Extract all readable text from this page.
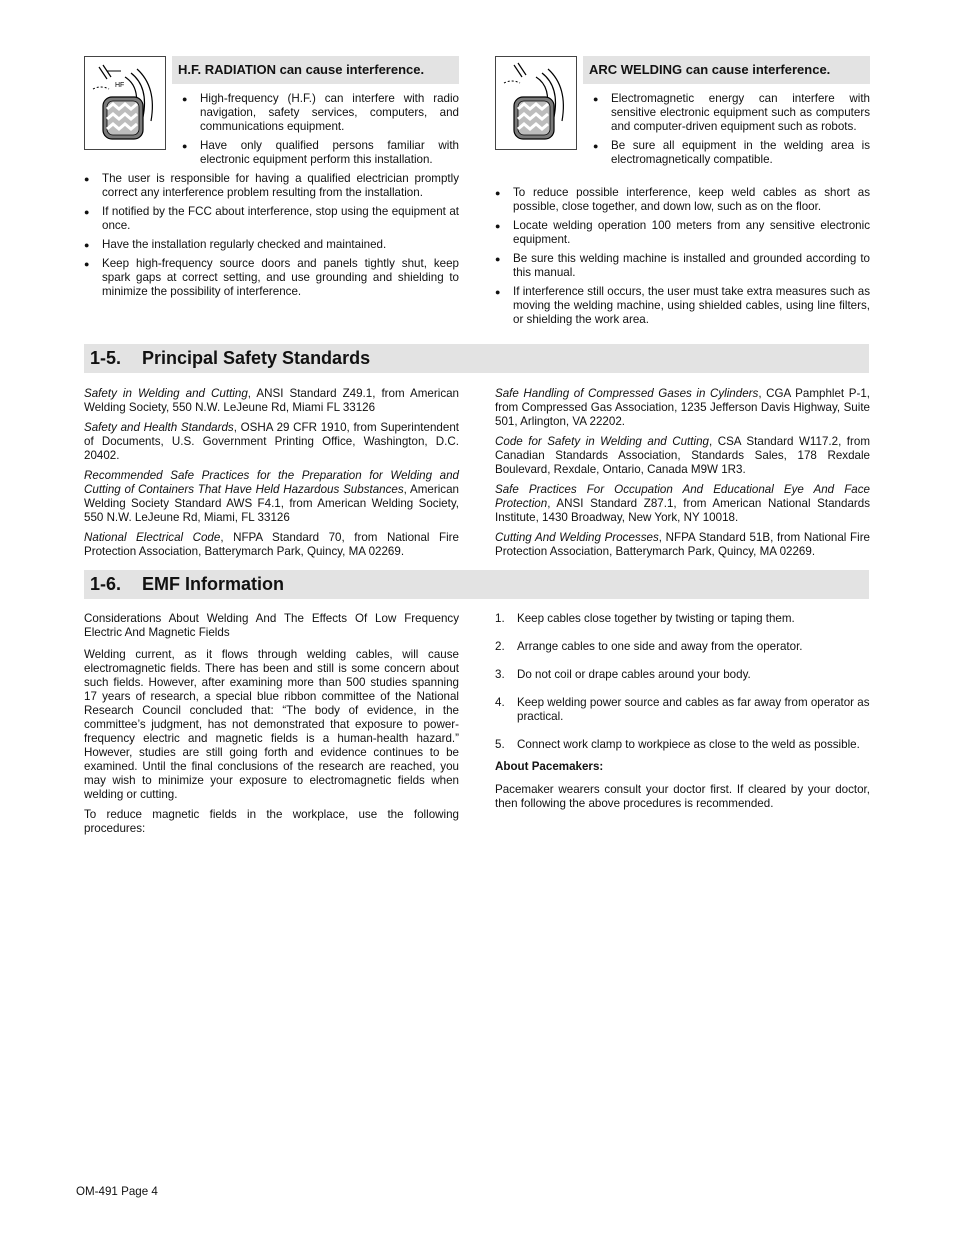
HF
H.F. RADIATION can cause interference.
● High-frequency (H.F.) can interfere with radio navigation, safety services, computers, and communications equipment.
● Have only qualified persons familiar with electronic equipment perform this installation.
● The user is responsible for having a qualified electrician promptly correct any interference problem resulting from the installation.
● If notified by the FCC about interference, stop using the equipment at once.
● Have the installation regularly checked and maintained.
● Keep high-frequency source doors and panels tightly shut, keep spark gaps at correct setting, and use grounding and shielding to minimize the possibility of interference.
ARC WELDING can cause interference.
● Electromagnetic energy can interfere with sensitive electronic equipment such as computers and computer-driven equipment such as robots.
● Be sure all equipment in the welding area is electromagnetically compatible.
● To reduce possible interference, keep weld cables as short as possible, close together, and down low, such as on the floor.
● Locate welding operation 100 meters from any sensitive electronic equipment.
● Be sure this welding machine is installed and grounded according to this manual.
● If interference still occurs, the user must take extra measures such as moving the welding machine, using shielded cables, using line filters, or shielding the work area.
1-5. Principal Safety Standards

Safety in Welding and Cutting, ANSI Standard Z49.1, from American Welding Society, 550 N.W. LeJeune Rd, Miami FL 33126

Safety and Health Standards, OSHA 29 CFR 1910, from Superintendent of Documents, U.S. Government Printing Office, Washington, D.C. 20402.

Recommended Safe Practices for the Preparation for Welding and Cutting of Containers That Have Held Hazardous Substances, American Welding Society Standard AWS F4.1, from American Welding Society, 550 N.W. LeJeune Rd, Miami, FL 33126

National Electrical Code, NFPA Standard 70, from National Fire Protection Association, Batterymarch Park, Quincy, MA 02269.

Safe Handling of Compressed Gases in Cylinders, CGA Pamphlet P-1, from Compressed Gas Association, 1235 Jefferson Davis Highway, Suite 501, Arlington, VA 22202.

Code for Safety in Welding and Cutting, CSA Standard W117.2, from Canadian Standards Association, Standards Sales, 178 Rexdale Boulevard, Rexdale, Ontario, Canada M9W 1R3.

Safe Practices For Occupation And Educational Eye And Face Protection, ANSI Standard Z87.1, from American National Standards Institute, 1430 Broadway, New York, NY 10018.

Cutting And Welding Processes, NFPA Standard 51B, from National Fire Protection Association, Batterymarch Park, Quincy, MA 02269.

1-6. EMF Information

Considerations About Welding And The Effects Of Low Frequency Electric And Magnetic Fields

Welding current, as it flows through welding cables, will cause electromagnetic fields. There has been and still is some concern about such fields. However, after examining more than 500 studies spanning 17 years of research, a special blue ribbon committee of the National Research Council concluded that: “The body of evidence, in the committee’s judgment, has not demonstrated that exposure to power-frequency electric and magnetic fields is a human-health hazard.” However, studies are still going forth and evidence continues to be examined. Until the final conclusions of the research are reached, you may wish to minimize your exposure to electromagnetic fields when welding or cutting.

To reduce magnetic fields in the workplace, use the following procedures:

1. Keep cables close together by twisting or taping them.
2. Arrange cables to one side and away from the operator.
3. Do not coil or drape cables around your body.
4. Keep welding power source and cables as far away from operator as practical.
5. Connect work clamp to workpiece as close to the weld as possible.

About Pacemakers:

Pacemaker wearers consult your doctor first. If cleared by your doctor, then following the above procedures is recommended.

OM-491 Page 4
